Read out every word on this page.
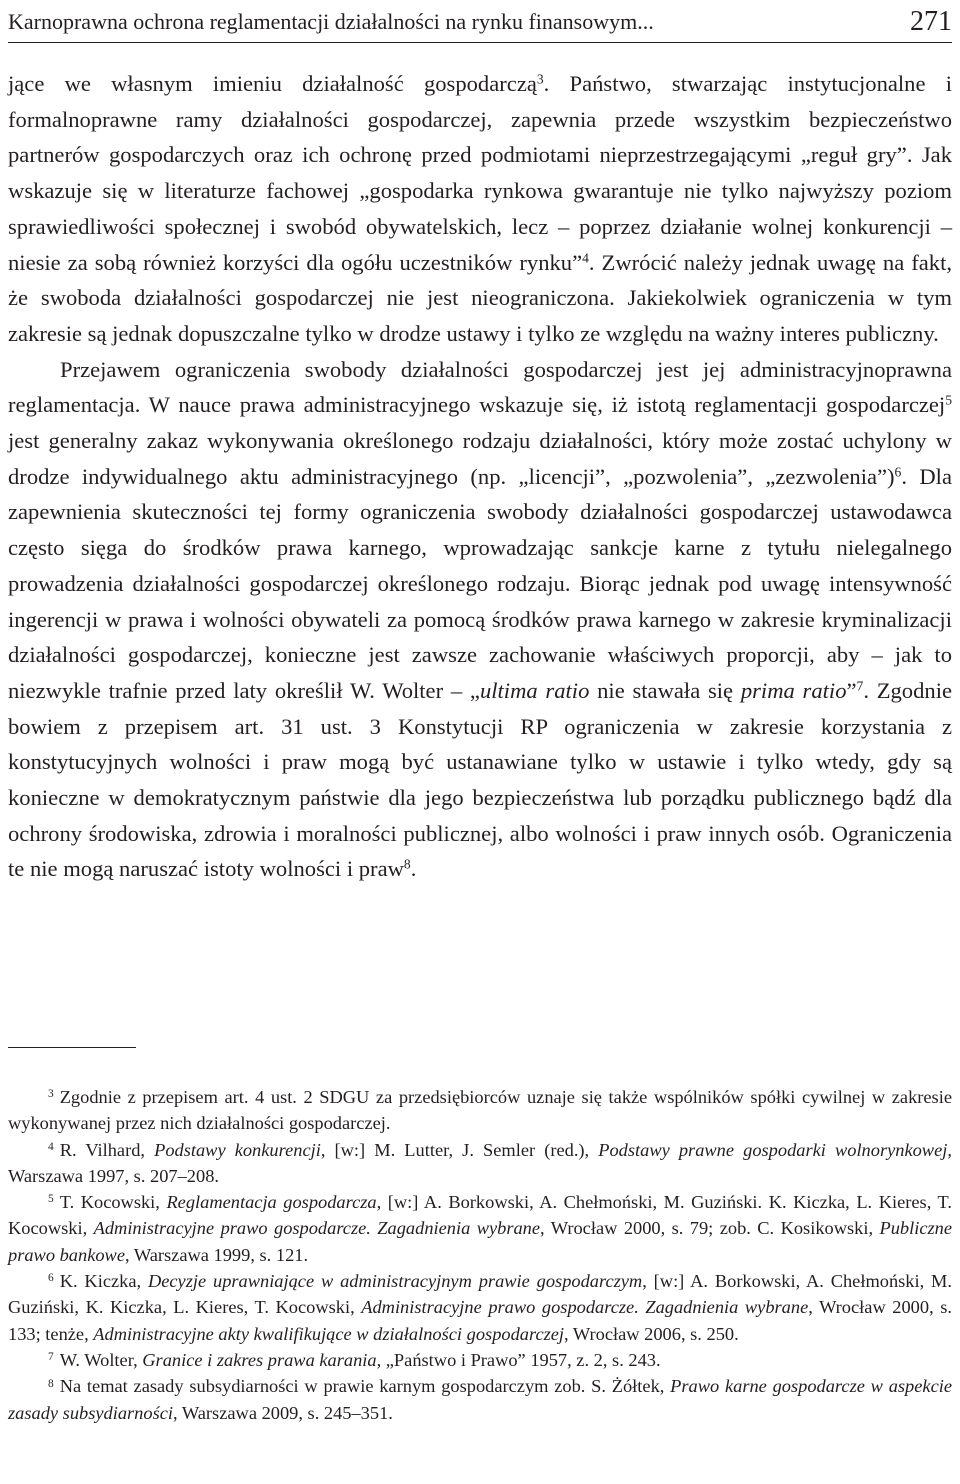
Karnoprawna ochrona reglamentacji działalności na rynku finansowym...	271

jące we własnym imieniu działalność gospodarczą$^3$. Państwo, stwarzając instytucjonalne i formalnoprawne ramy działalności gospodarczej, zapewnia przede wszystkim bezpieczeństwo partnerów gospodarczych oraz ich ochronę przed podmiotami nieprzestrzegającymi „reguł gry”. Jak wskazuje się w literaturze fachowej „gospodarka rynkowa gwarantuje nie tylko najwyższy poziom sprawiedliwości społecznej i swobód obywatelskich, lecz – poprzez działanie wolnej konkurencji – niesie za sobą również korzyści dla ogółu uczestników rynku”$^4$. Zwrócić należy jednak uwagę na fakt, że swoboda działalności gospodarczej nie jest nieograniczona. Jakiekolwiek ograniczenia w tym zakresie są jednak dopuszczalne tylko w drodze ustawy i tylko ze względu na ważny interes publiczny.

Przejawem ograniczenia swobody działalności gospodarczej jest jej administracyjnoprawna reglamentacja. W nauce prawa administracyjnego wskazuje się, iż istotą reglamentacji gospodarczej$^5$ jest generalny zakaz wykonywania określonego rodzaju działalności, który może zostać uchylony w drodze indywidualnego aktu administracyjnego (np. „licencji”, „pozwolenia”, „zezwolenia”)$^6$. Dla zapewnienia skuteczności tej formy ograniczenia swobody działalności gospodarczej ustawodawca często sięga do środków prawa karnego, wprowadzając sankcje karne z tytułu nielegalnego prowadzenia działalności gospodarczej określonego rodzaju. Biorąc jednak pod uwagę intensywność ingerencji w prawa i wolności obywateli za pomocą środków prawa karnego w zakresie kryminalizacji działalności gospodarczej, konieczne jest zawsze zachowanie właściwych proporcji, aby – jak to niezwykle trafnie przed laty określił W. Wolter – „ultima ratio nie stawała się prima ratio”$^7$. Zgodnie bowiem z przepisem art. 31 ust. 3 Konstytucji RP ograniczenia w zakresie korzystania z konstytucyjnych wolności i praw mogą być ustanawiane tylko w ustawie i tylko wtedy, gdy są konieczne w demokratycznym państwie dla jego bezpieczeństwa lub porządku publicznego bądź dla ochrony środowiska, zdrowia i moralności publicznej, albo wolności i praw innych osób. Ograniczenia te nie mogą naruszać istoty wolności i praw$^8$.

$^3$ Zgodnie z przepisem art. 4 ust. 2 SDGU za przedsiębiorców uznaje się także wspólników spółki cywilnej w zakresie wykonywanej przez nich działalności gospodarczej.

$^4$ R. Vilhard, Podstawy konkurencji, [w:] M. Lutter, J. Semler (red.), Podstawy prawne gospodarki wolnorynkowej, Warszawa 1997, s. 207–208.

$^5$ T. Kocowski, Reglamentacja gospodarcza, [w:] A. Borkowski, A. Chełmoński, M. Guziński. K. Kiczka, L. Kieres, T. Kocowski, Administracyjne prawo gospodarcze. Zagadnienia wybrane, Wrocław 2000, s. 79; zob. C. Kosikowski, Publiczne prawo bankowe, Warszawa 1999, s. 121.

$^6$ K. Kiczka, Decyzje uprawniające w administracyjnym prawie gospodarczym, [w:] A. Borkowski, A. Chełmoński, M. Guziński, K. Kiczka, L. Kieres, T. Kocowski, Administracyjne prawo gospodarcze. Zagadnienia wybrane, Wrocław 2000, s. 133; tenże, Administracyjne akty kwalifikujące w działalności gospodarczej, Wrocław 2006, s. 250.

$^7$ W. Wolter, Granice i zakres prawa karania, „Państwo i Prawo” 1957, z. 2, s. 243.

$^8$ Na temat zasady subsydiarności w prawie karnym gospodarczym zob. S. Żółtek, Prawo karne gospodarcze w aspekcie zasady subsydiarności, Warszawa 2009, s. 245–351.
